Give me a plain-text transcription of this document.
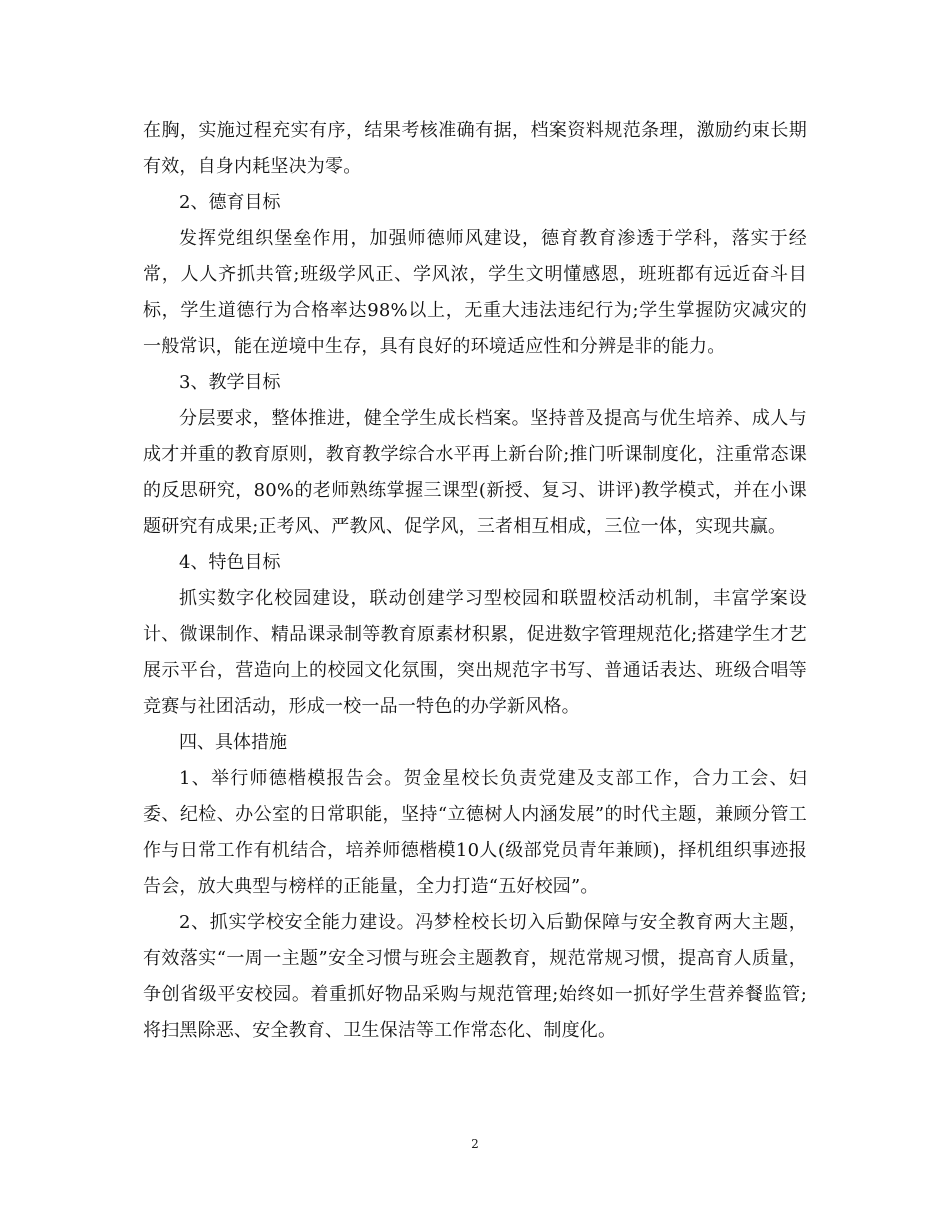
在胸，实施过程充实有序，结果考核准确有据，档案资料规范条理，激励约束长期有效，自身内耗坚决为零。

2、德育目标

发挥党组织堡垒作用，加强师德师风建设，德育教育渗透于学科，落实于经常，人人齐抓共管;班级学风正、学风浓，学生文明懂感恩，班班都有远近奋斗目标，学生道德行为合格率达98%以上，无重大违法违纪行为;学生掌握防灾减灾的一般常识，能在逆境中生存，具有良好的环境适应性和分辨是非的能力。

3、教学目标

分层要求，整体推进，健全学生成长档案。坚持普及提高与优生培养、成人与成才并重的教育原则，教育教学综合水平再上新台阶;推门听课制度化，注重常态课的反思研究，80%的老师熟练掌握三课型(新授、复习、讲评)教学模式，并在小课题研究有成果;正考风、严教风、促学风，三者相互相成，三位一体，实现共赢。

4、特色目标

抓实数字化校园建设，联动创建学习型校园和联盟校活动机制，丰富学案设计、微课制作、精品课录制等教育原素材积累，促进数字管理规范化;搭建学生才艺展示平台，营造向上的校园文化氛围，突出规范字书写、普通话表达、班级合唱等竞赛与社团活动，形成一校一品一特色的办学新风格。

四、具体措施

1、举行师德楷模报告会。贺金星校长负责党建及支部工作，合力工会、妇委、纪检、办公室的日常职能，坚持“立德树人内涵发展”的时代主题，兼顾分管工作与日常工作有机结合，培养师德楷模10人(级部党员青年兼顾)，择机组织事迹报告会，放大典型与榜样的正能量，全力打造“五好校园”。

2、抓实学校安全能力建设。冯梦栓校长切入后勤保障与安全教育两大主题，有效落实“一周一主题”安全习惯与班会主题教育，规范常规习惯，提高育人质量，争创省级平安校园。着重抓好物品采购与规范管理;始终如一抓好学生营养餐监管;将扫黑除恶、安全教育、卫生保洁等工作常态化、制度化。

2
